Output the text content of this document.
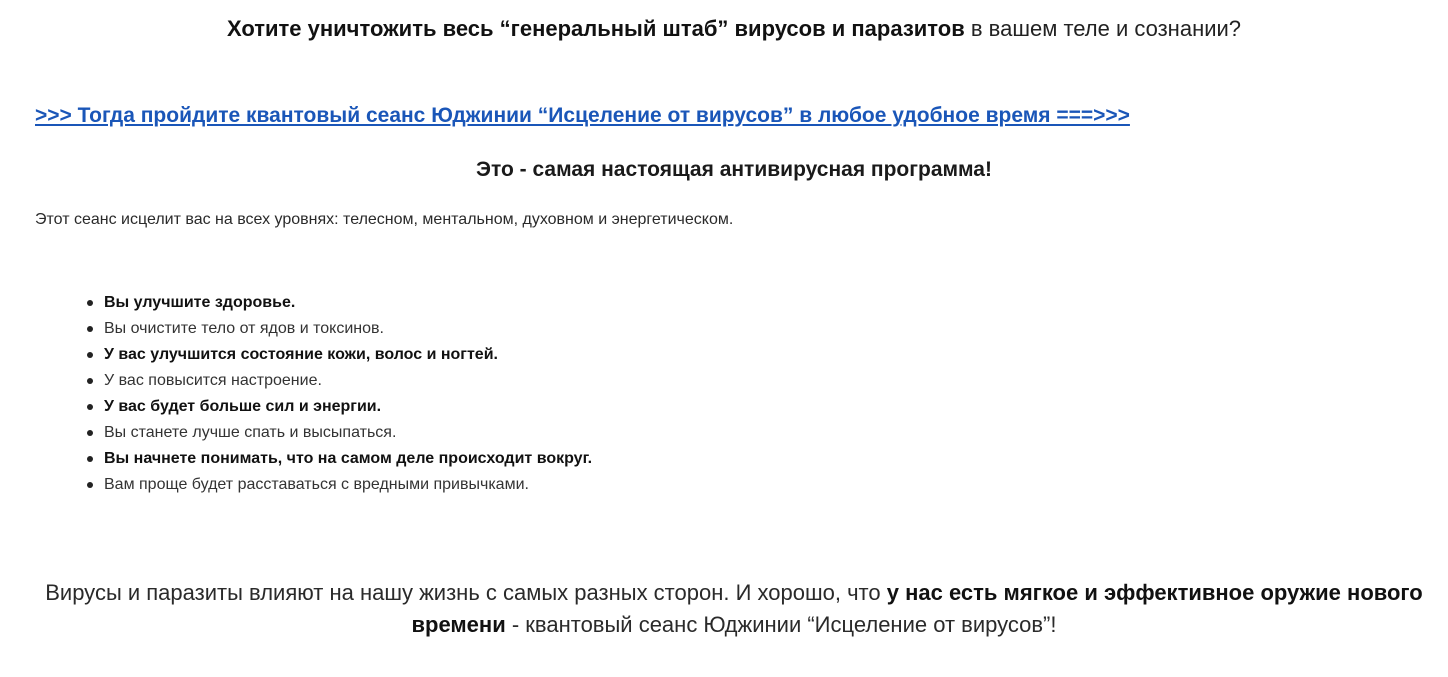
Хотите уничтожить весь “генеральный штаб” вирусов и паразитов в вашем теле и сознании?
>>> Тогда пройдите квантовый сеанс Юджинии “Исцеление от вирусов” в любое удобное время ===>>>
Это - самая настоящая антивирусная программа!
Этот сеанс исцелит вас на всех уровнях: телесном, ментальном, духовном и энергетическом.
Вы улучшите здоровье.
Вы очистите тело от ядов и токсинов.
У вас улучшится состояние кожи, волос и ногтей.
У вас повысится настроение.
У вас будет больше сил и энергии.
Вы станете лучше спать и высыпаться.
Вы начнете понимать, что на самом деле происходит вокруг.
Вам проще будет расставаться с вредными привычками.
Вирусы и паразиты влияют на нашу жизнь с самых разных сторон. И хорошо, что у нас есть мягкое и эффективное оружие нового времени - квантовый сеанс Юджинии “Исцеление от вирусов”!
